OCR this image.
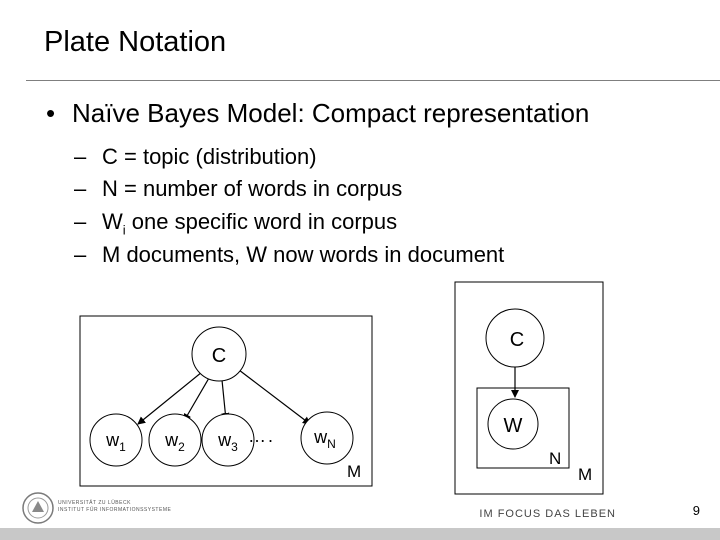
Plate Notation
• Naïve Bayes Model: Compact representation
– C = topic (distribution)
– N = number of words in corpus
– $W_i$ one specific word in corpus
– M documents, W now words in document
C
$w_1$ $w_2$ $w_3$
…. $w_N$
M
C
W
N
M
UNIVERSITÄT ZU LÜBECK
INSTITUT FÜR INFORMATIONSSYSTEME	IM FOCUS DAS LEBEN	9
